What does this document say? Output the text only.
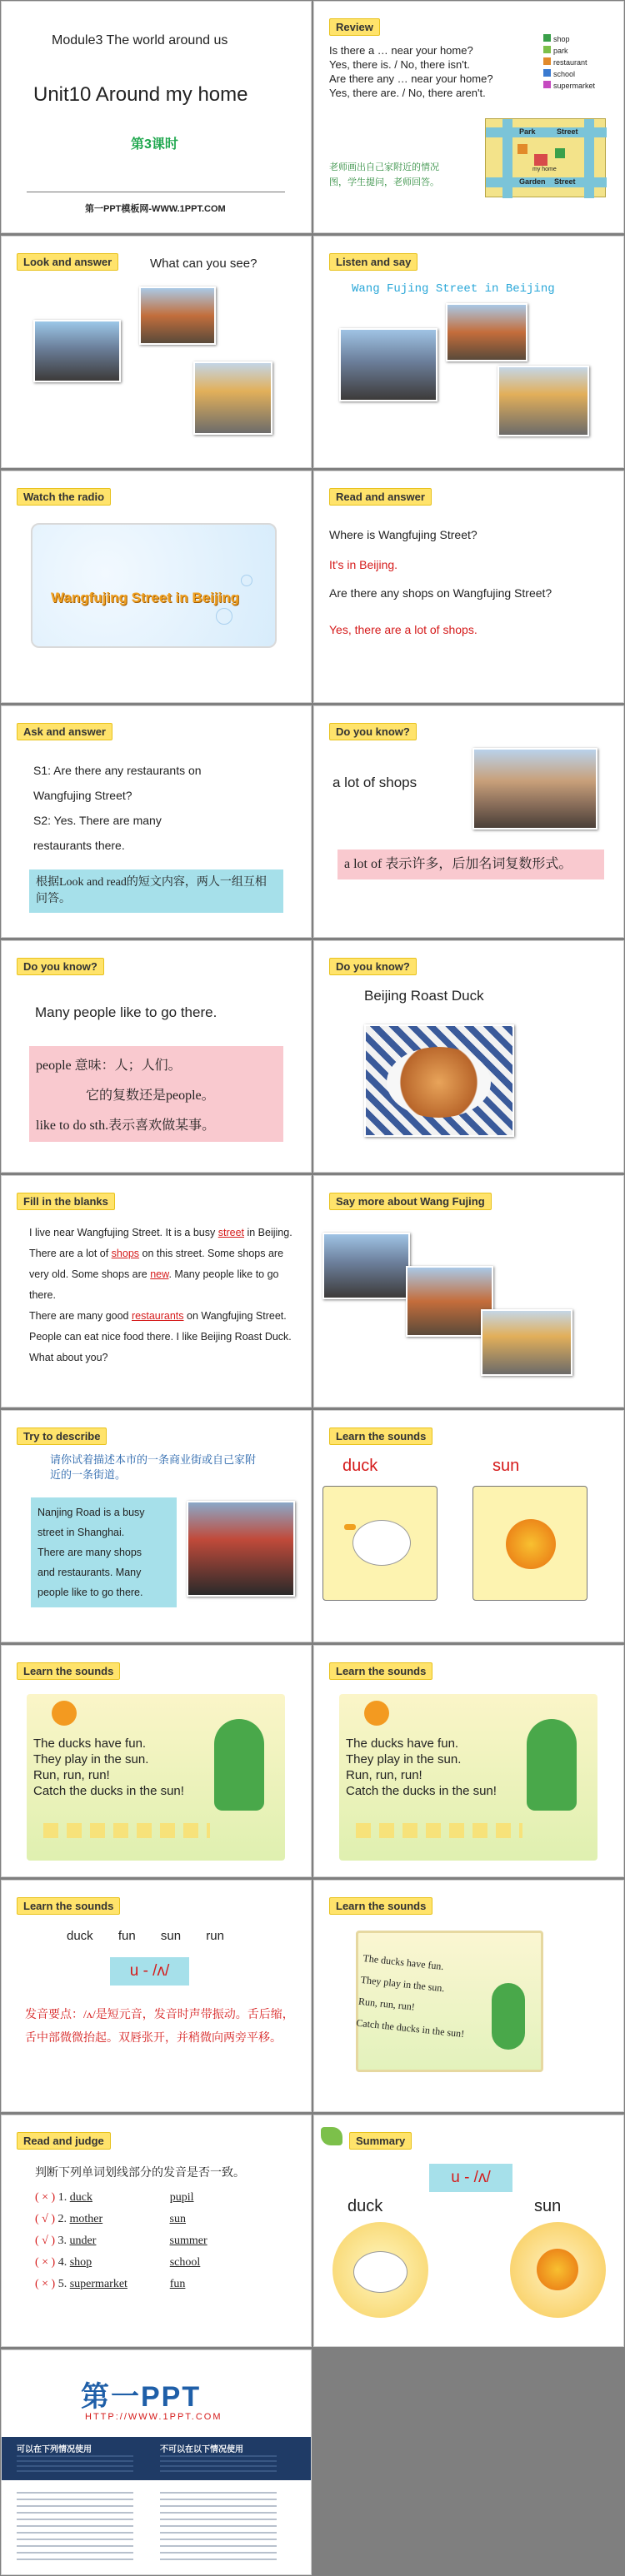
Module3 The world around us
Unit10 Around my home
第3课时
第一PPT模板网-WWW.1PPT.COM
Review
Is there a … near your home?
Yes, there is. / No, there isn't.
Are there any … near your home?
Yes, there are. / No, there aren't.
shop
park
restaurant
school
supermarket
Park	Street
Garden Street
my home
老师画出自己家附近的情况图，学生提问，老师回答。
Look and answer	What can you see?	Listen and say
Wang Fujing Street in Beijing
Watch the radio
Wangfujing Street in Beijing
Read and answer
Where is Wangfujing Street?
It's in Beijing.
Are there any shops on Wangfujing Street?
Yes, there are a lot of shops.
Ask and answer
S1: Are there any restaurants on
Wangfujing Street?
S2: Yes. There are many
restaurants there.
根据Look and read的短文内容，两人一组互相问答。
Do you know?
a lot of shops
a lot of 表示许多，后加名词复数形式。
Do you know?
Many people like to go there.
people 意味：人；人们。
它的复数还是people。
like to do sth.表示喜欢做某事。
Do you know?
Beijing Roast Duck
Fill in the blanks
I live near Wangfujing Street. It is a busy street in Beijing. There are a lot of shops on this street. Some shops are very old. Some shops are new. Many people like to go there.
There are many good restaurants on Wangfujing Street. People can eat nice food there. I like Beijing Roast Duck. What about you?
Say more about Wang Fujing
Try to describe
请你试着描述本市的一条商业街或自己家附近的一条街道。
Nanjing Road is a busy
street in Shanghai.
There are many shops
and restaurants. Many
people like to go there.
Learn the sounds
duck	sun
Learn the sounds
The ducks have fun.
They play in the sun.
Run, run, run!
Catch the ducks in the sun!
Learn the sounds
The ducks have fun.
They play in the sun.
Run, run, run!
Catch the ducks in the sun!
Learn the sounds
duck fun sun run
u - /ʌ/
发音要点：/ʌ/是短元音，发音时声带振动。舌后缩，舌中部微微抬起。双唇张开，并稍微向两旁平移。
Learn the sounds
The ducks have fun.
They play in the sun.
Run, run, run!
Catch the ducks in the sun!
Read and judge
判断下列单词划线部分的发音是否一致。
( × ) 1. duck	pupil
( √ ) 2. mother	sun
( √ ) 3. under	summer
( × ) 4. shop	school
( × ) 5. supermarket	fun
Summary
u - /ʌ/
duck	sun
第一PPT
HTTP://WWW.1PPT.COM
可以在下列情况使用	不可以在以下情况使用
